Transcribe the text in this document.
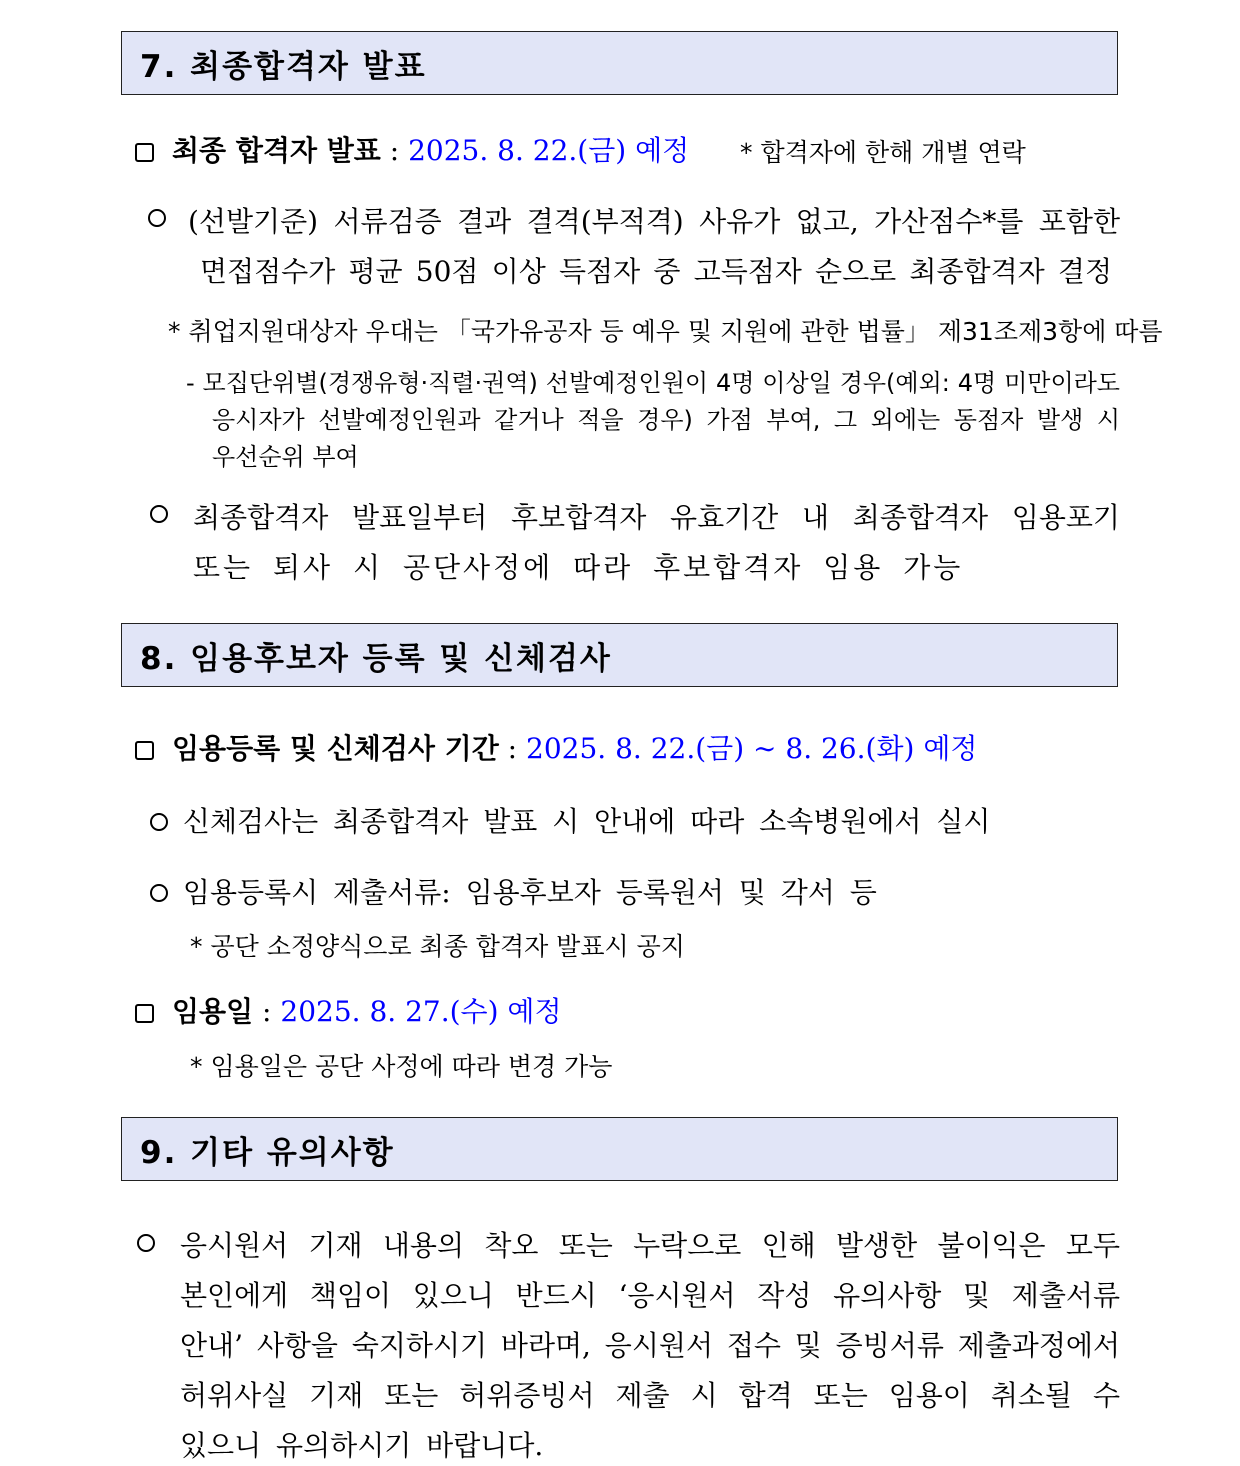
7. 최종합격자 발표
최종 합격자 발표 : 2025. 8. 22.(금) 예정 * 합격자에 한해 개별 연락
(선발기준) 서류검증 결과 결격(부적격) 사유가 없고, 가산점수*를 포함한
면접점수가 평균 50점 이상 득점자 중 고득점자 순으로 최종합격자 결정
* 취업지원대상자 우대는 「국가유공자 등 예우 및 지원에 관한 법률」 제31조제3항에 따름
- 모집단위별(경쟁유형·직렬·권역) 선발예정인원이 4명 이상일 경우(예외: 4명 미만이라도
응시자가 선발예정인원과 같거나 적을 경우) 가점 부여, 그 외에는 동점자 발생 시
우선순위 부여
최종합격자 발표일부터 후보합격자 유효기간 내 최종합격자 임용포기
또는 퇴사 시 공단사정에 따라 후보합격자 임용 가능
8. 임용후보자 등록 및 신체검사
임용등록 및 신체검사 기간 : 2025. 8. 22.(금) ∼ 8. 26.(화) 예정
신체검사는 최종합격자 발표 시 안내에 따라 소속병원에서 실시
임용등록시 제출서류: 임용후보자 등록원서 및 각서 등
* 공단 소정양식으로 최종 합격자 발표시 공지
임용일 : 2025. 8. 27.(수) 예정
* 임용일은 공단 사정에 따라 변경 가능
9. 기타 유의사항
응시원서 기재 내용의 착오 또는 누락으로 인해 발생한 불이익은 모두
본인에게 책임이 있으니 반드시 ‘응시원서 작성 유의사항 및 제출서류
안내’ 사항을 숙지하시기 바라며, 응시원서 접수 및 증빙서류 제출과정에서
허위사실 기재 또는 허위증빙서 제출 시 합격 또는 임용이 취소될 수
있으니 유의하시기 바랍니다.
